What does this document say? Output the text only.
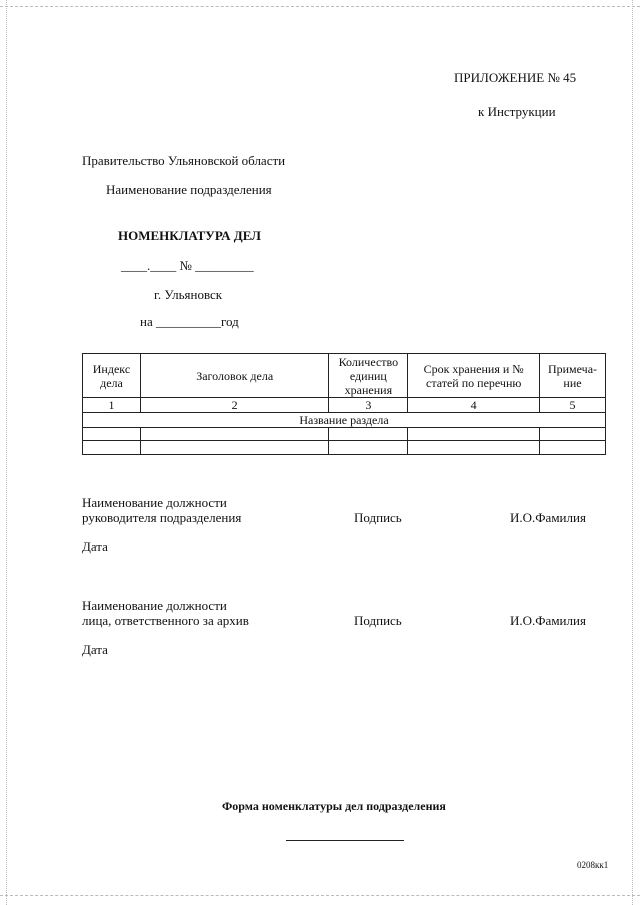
ПРИЛОЖЕНИЕ № 45
к Инструкции
Правительство Ульяновской области
Наименование подразделения
НОМЕНКЛАТУРА ДЕЛ
____.____ № _________
г. Ульяновск
на __________год
Индекс дела	Заголовок дела	Количество единиц хранения	Срок хранения и № статей по перечню	Примеча-ние
1	2	3	4	5
Название раздела				

Наименование должности
руководителя подразделения	Подпись	И.О.Фамилия
Дата
Наименование должности
лица, ответственного за архив	Подпись	И.О.Фамилия
Дата
Форма номенклатуры дел подразделения
0208кк1
